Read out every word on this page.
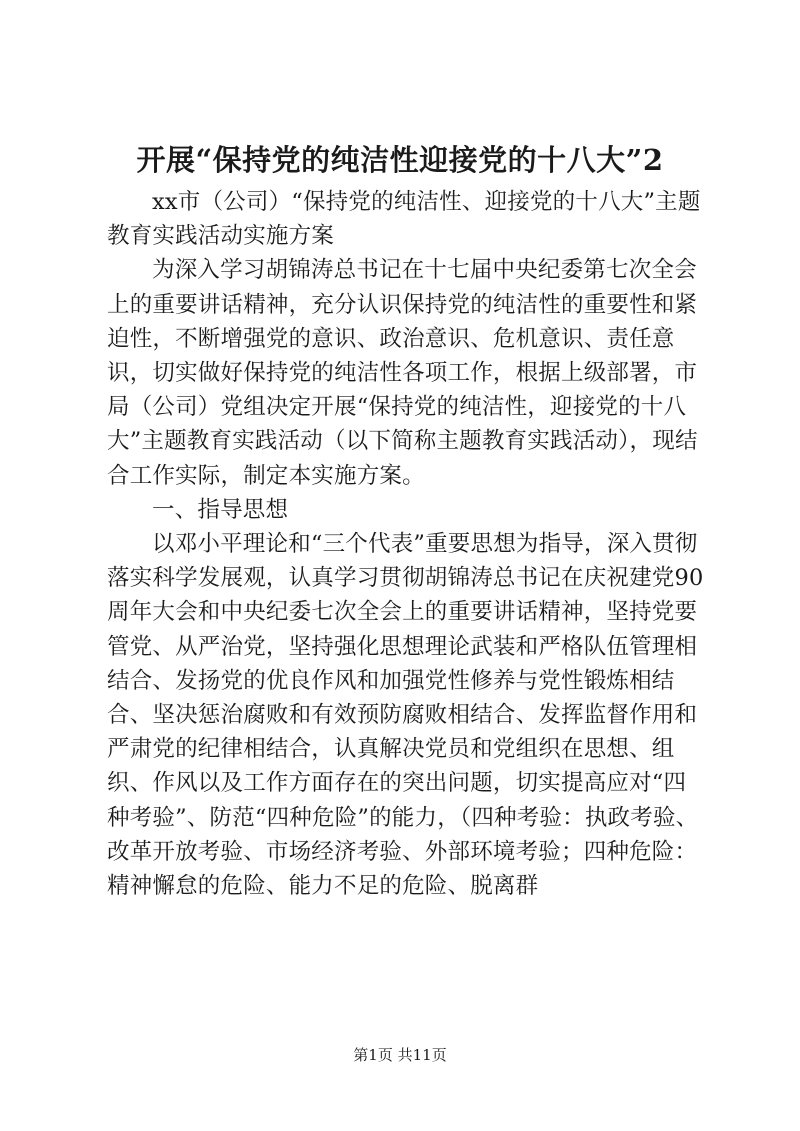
开展“保持党的纯洁性迎接党的十八大”2

xx市（公司）“保持党的纯洁性、迎接党的十八大”主题教育实践活动实施方案

为深入学习胡锦涛总书记在十七届中央纪委第七次全会上的重要讲话精神，充分认识保持党的纯洁性的重要性和紧迫性，不断增强党的意识、政治意识、危机意识、责任意识，切实做好保持党的纯洁性各项工作，根据上级部署，市局（公司）党组决定开展“保持党的纯洁性，迎接党的十八大”主题教育实践活动（以下简称主题教育实践活动），现结合工作实际，制定本实施方案。

一、指导思想

以邓小平理论和“三个代表”重要思想为指导，深入贯彻落实科学发展观，认真学习贯彻胡锦涛总书记在庆祝建党90周年大会和中央纪委七次全会上的重要讲话精神，坚持党要管党、从严治党，坚持强化思想理论武装和严格队伍管理相结合、发扬党的优良作风和加强党性修养与党性锻炼相结合、坚决惩治腐败和有效预防腐败相结合、发挥监督作用和严肃党的纪律相结合，认真解决党员和党组织在思想、组织、作风以及工作方面存在的突出问题，切实提高应对“四种考验”、防范“四种危险”的能力，（四种考验：执政考验、改革开放考验、市场经济考验、外部环境考验；四种危险：精神懈怠的危险、能力不足的危险、脱离群

第1页 共11页
